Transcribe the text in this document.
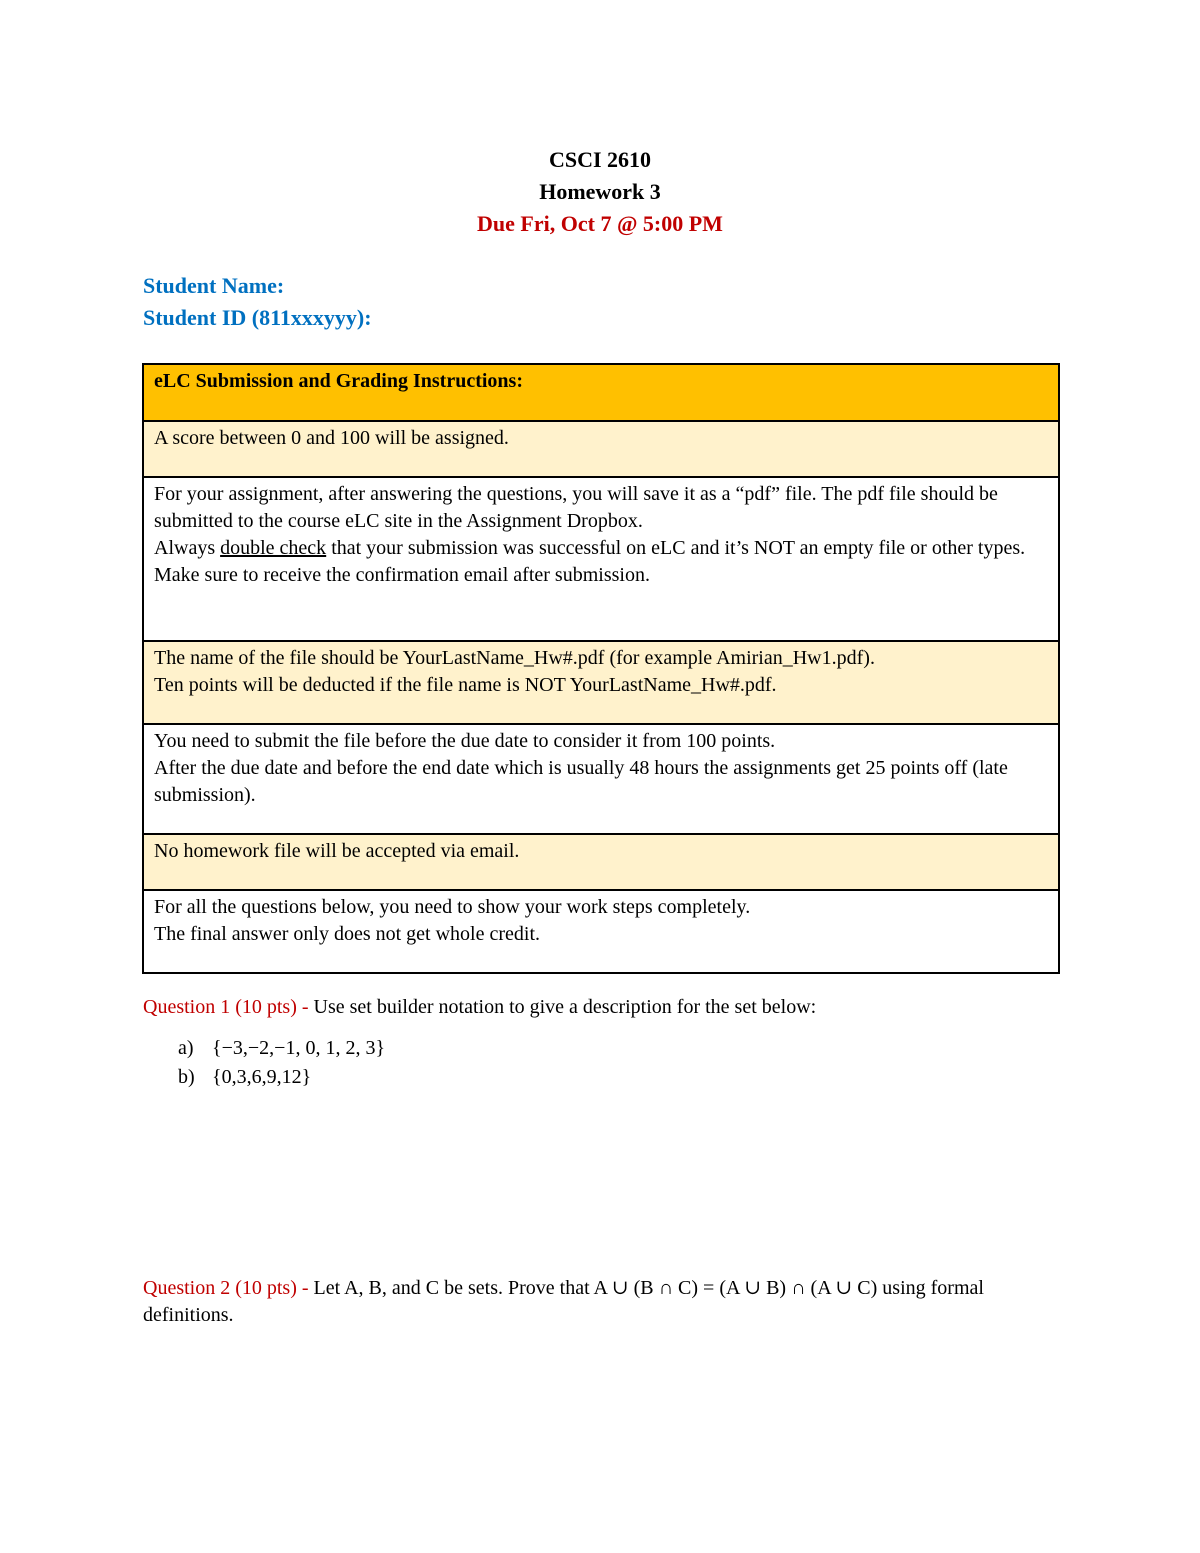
CSCI 2610
Homework 3
Due Fri, Oct 7 @ 5:00 PM
Student Name:
Student ID (811xxxyyy):
eLC Submission and Grading Instructions:
A score between 0 and 100 will be assigned.

For your assignment, after answering the questions, you will save it as a “pdf” file. The pdf file should be submitted to the course eLC site in the Assignment Dropbox.
Always double check that your submission was successful on eLC and it’s NOT an empty file or other types.
Make sure to receive the confirmation email after submission.

The name of the file should be YourLastName_Hw#.pdf (for example Amirian_Hw1.pdf).
Ten points will be deducted if the file name is NOT YourLastName_Hw#.pdf.

You need to submit the file before the due date to consider it from 100 points.
After the due date and before the end date which is usually 48 hours the assignments get 25 points off (late submission).

No homework file will be accepted via email.

For all the questions below, you need to show your work steps completely.
The final answer only does not get whole credit.
Question 1 (10 pts) - Use set builder notation to give a description for the set below:
a) {−3,−2,−1, 0, 1, 2, 3}
b) {0,3,6,9,12}
Question 2 (10 pts) - Let A, B, and C be sets. Prove that A ∪ (B ∩ C) = (A ∪ B) ∩ (A ∪ C) using formal definitions.
